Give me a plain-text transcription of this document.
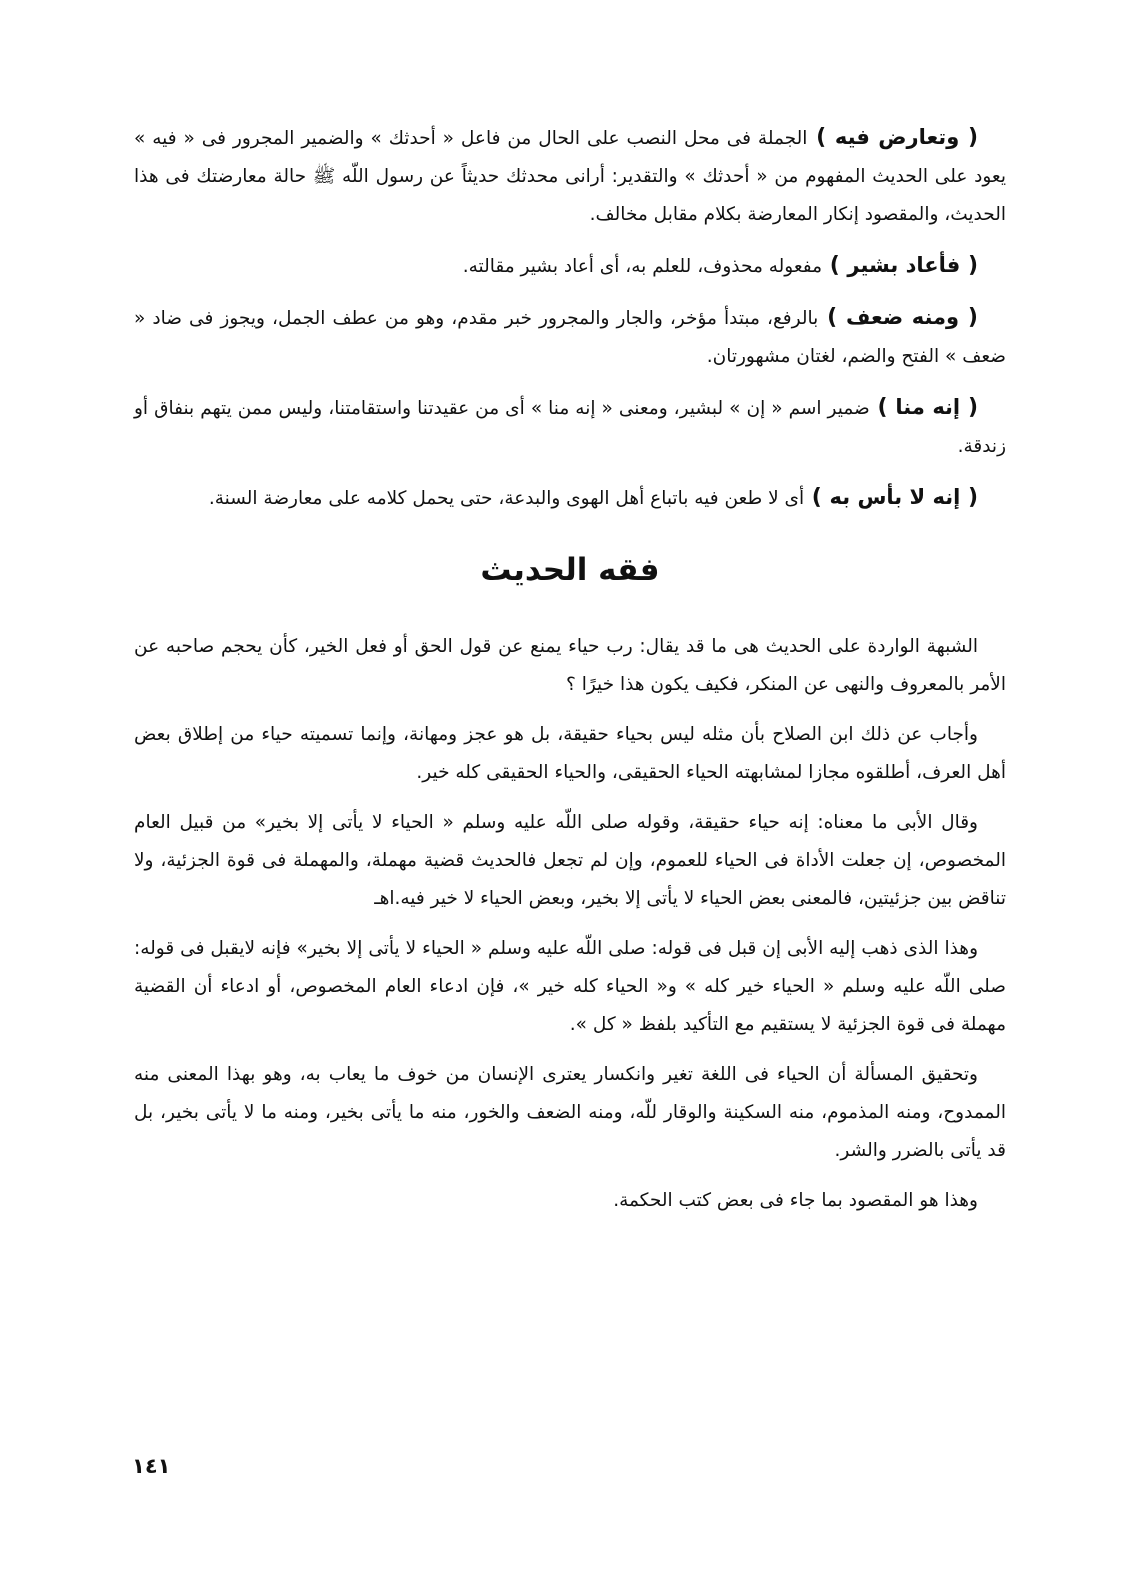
( وتعارض فيه ) الجملة فى محل النصب على الحال من فاعل « أحدثك » والضمير المجرور فى « فيه » يعود على الحديث المفهوم من « أحدثك » والتقدير: أرانى محدثك حديثاً عن رسول اللّه ﷺ حالة معارضتك فى هذا الحديث، والمقصود إنكار المعارضة بكلام مقابل مخالف.

( فأعاد بشير ) مفعوله محذوف، للعلم به، أى أعاد بشير مقالته.

( ومنه ضعف ) بالرفع، مبتدأ مؤخر، والجار والمجرور خبر مقدم، وهو من عطف الجمل، ويجوز فى ضاد « ضعف » الفتح والضم، لغتان مشهورتان.

( إنه منا ) ضمير اسم « إن » لبشير، ومعنى « إنه منا » أى من عقيدتنا واستقامتنا، وليس ممن يتهم بنفاق أو زندقة.

( إنه لا بأس به ) أى لا طعن فيه باتباع أهل الهوى والبدعة، حتى يحمل كلامه على معارضة السنة.

فقه الحديث

الشبهة الواردة على الحديث هى ما قد يقال: رب حياء يمنع عن قول الحق أو فعل الخير، كأن يحجم صاحبه عن الأمر بالمعروف والنهى عن المنكر، فكيف يكون هذا خيرًا ؟

وأجاب عن ذلك ابن الصلاح بأن مثله ليس بحياء حقيقة، بل هو عجز ومهانة، وإنما تسميته حياء من إطلاق بعض أهل العرف، أطلقوه مجازا لمشابهته الحياء الحقيقى، والحياء الحقيقى كله خير.

وقال الأبى ما معناه: إنه حياء حقيقة، وقوله صلى اللّه عليه وسلم « الحياء لا يأتى إلا بخير» من قبيل العام المخصوص، إن جعلت الأداة فى الحياء للعموم، وإن لم تجعل فالحديث قضية مهملة، والمهملة فى قوة الجزئية، ولا تناقض بين جزئيتين، فالمعنى بعض الحياء لا يأتى إلا بخير، وبعض الحياء لا خير فيه.اهـ

وهذا الذى ذهب إليه الأبى إن قبل فى قوله: صلى اللّه عليه وسلم « الحياء لا يأتى إلا بخير» فإنه لايقبل فى قوله: صلى اللّه عليه وسلم « الحياء خير كله » و« الحياء كله خير »، فإن ادعاء العام المخصوص، أو ادعاء أن القضية مهملة فى قوة الجزئية لا يستقيم مع التأكيد بلفظ « كل ».

وتحقيق المسألة أن الحياء فى اللغة تغير وانكسار يعترى الإنسان من خوف ما يعاب به، وهو بهذا المعنى منه الممدوح، ومنه المذموم، منه السكينة والوقار للّه، ومنه الضعف والخور، منه ما يأتى بخير، ومنه ما لا يأتى بخير، بل قد يأتى بالضرر والشر.

وهذا هو المقصود بما جاء فى بعض كتب الحكمة.

١٤١
